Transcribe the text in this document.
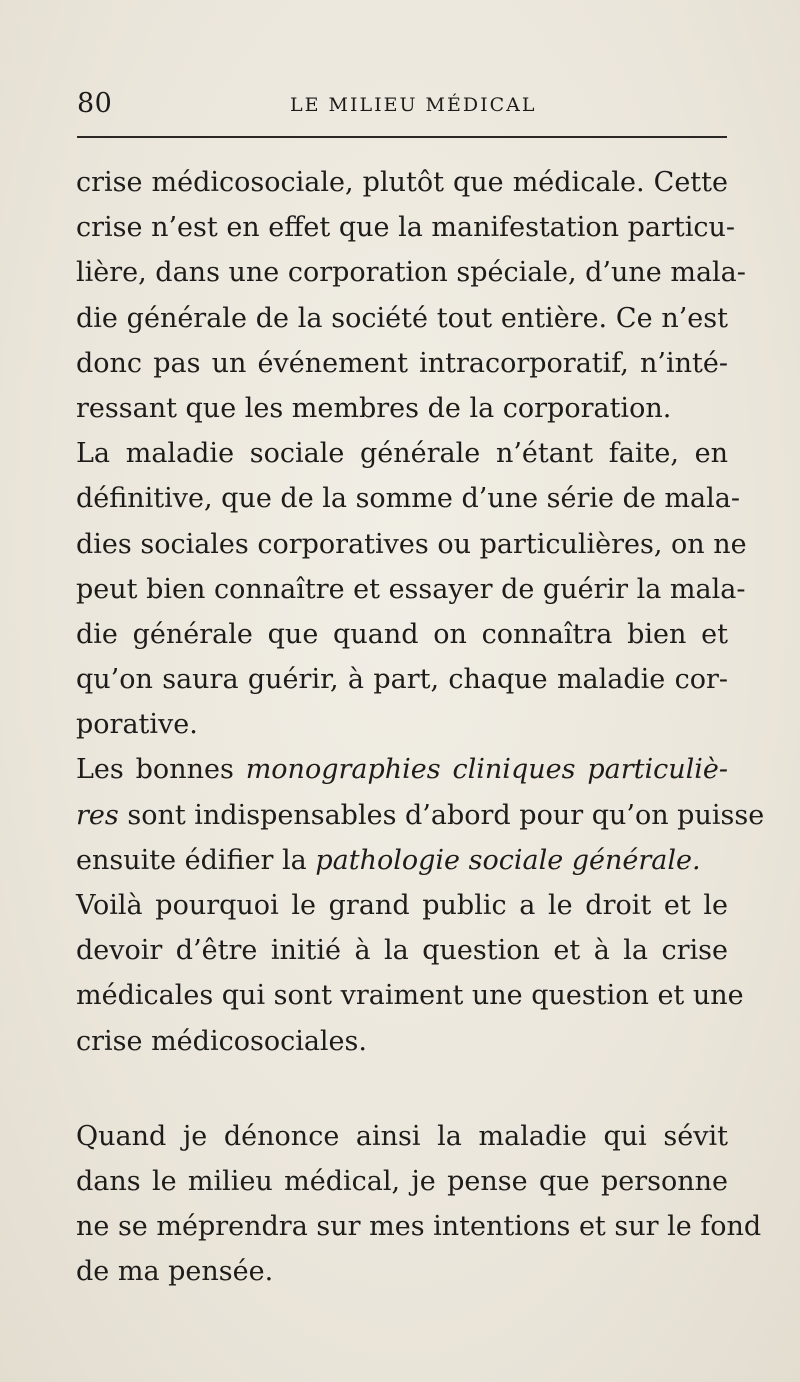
80	LE MILIEU MÉDICAL
crise médicosociale, plutôt que médicale. Cette
crise n’est en effet que la manifestation particu-
lière, dans une corporation spéciale, d’une mala-
die générale de la société tout entière. Ce n’est
donc pas un événement intracorporatif, n’inté-
ressant que les membres de la corporation.
La maladie sociale générale n’étant faite, en
définitive, que de la somme d’une série de mala-
dies sociales corporatives ou particulières, on ne
peut bien connaître et essayer de guérir la mala-
die générale que quand on connaîtra bien et
qu’on saura guérir, à part, chaque maladie cor-
porative.
Les bonnes monographies cliniques particuliè-
res sont indispensables d’abord pour qu’on puisse
ensuite édifier la pathologie sociale générale.
Voilà pourquoi le grand public a le droit et le
devoir d’être initié à la question et à la crise
médicales qui sont vraiment une question et une
crise médicosociales.
Quand je dénonce ainsi la maladie qui sévit
dans le milieu médical, je pense que personne
ne se méprendra sur mes intentions et sur le fond
de ma pensée.
